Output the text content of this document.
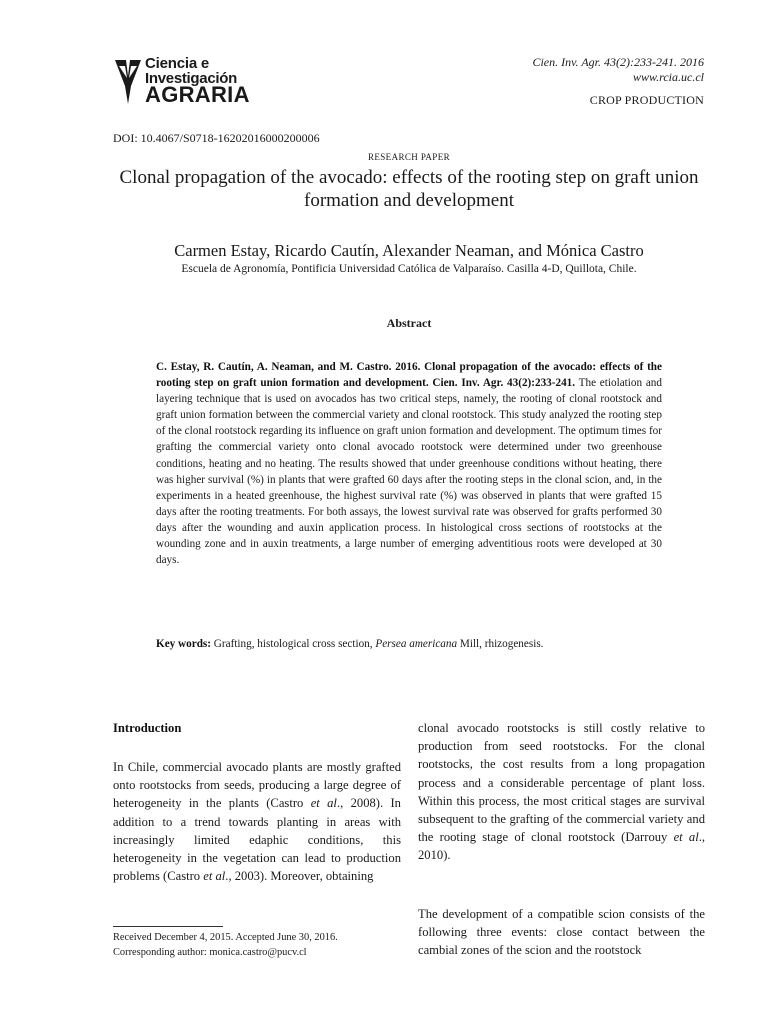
Ciencia e
Investigación
AGRARIA
Cien. Inv. Agr. 43(2):233-241. 2016
www.rcia.uc.cl
CROP PRODUCTION
DOI: 10.4067/S0718-16202016000200006
RESEARCH PAPER
Clonal propagation of the avocado: effects of the rooting step on graft union formation and development
Carmen Estay, Ricardo Cautín, Alexander Neaman, and Mónica Castro
Escuela de Agronomía, Pontificia Universidad Católica de Valparaíso. Casilla 4-D, Quillota, Chile.
Abstract
C. Estay, R. Cautín, A. Neaman, and M. Castro. 2016. Clonal propagation of the avocado: effects of the rooting step on graft union formation and development. Cien. Inv. Agr. 43(2):233-241. The etiolation and layering technique that is used on avocados has two critical steps, namely, the rooting of clonal rootstock and graft union formation between the commercial variety and clonal rootstock. This study analyzed the rooting step of the clonal rootstock regarding its influence on graft union formation and development. The optimum times for grafting the commercial variety onto clonal avocado rootstock were determined under two greenhouse conditions, heating and no heating. The results showed that under greenhouse conditions without heating, there was higher survival (%) in plants that were grafted 60 days after the rooting steps in the clonal scion, and, in the experiments in a heated greenhouse, the highest survival rate (%) was observed in plants that were grafted 15 days after the rooting treatments. For both assays, the lowest survival rate was observed for grafts performed 30 days after the wounding and auxin application process. In histological cross sections of rootstocks at the wounding zone and in auxin treatments, a large number of emerging adventitious roots were developed at 30 days.
Key words: Grafting, histological cross section, Persea americana Mill, rhizogenesis.
Introduction
In Chile, commercial avocado plants are mostly grafted onto rootstocks from seeds, producing a large degree of heterogeneity in the plants (Castro et al., 2008). In addition to a trend towards planting in areas with increasingly limited edaphic conditions, this heterogeneity in the vegetation can lead to production problems (Castro et al., 2003). Moreover, obtaining
clonal avocado rootstocks is still costly relative to production from seed rootstocks. For the clonal rootstocks, the cost results from a long propagation process and a considerable percentage of plant loss. Within this process, the most critical stages are survival subsequent to the grafting of the commercial variety and the rooting stage of clonal rootstock (Darrouy et al., 2010).
The development of a compatible scion consists of the following three events: close contact between the cambial zones of the scion and the rootstock
Received December 4, 2015. Accepted June 30, 2016.
Corresponding author: monica.castro@pucv.cl
